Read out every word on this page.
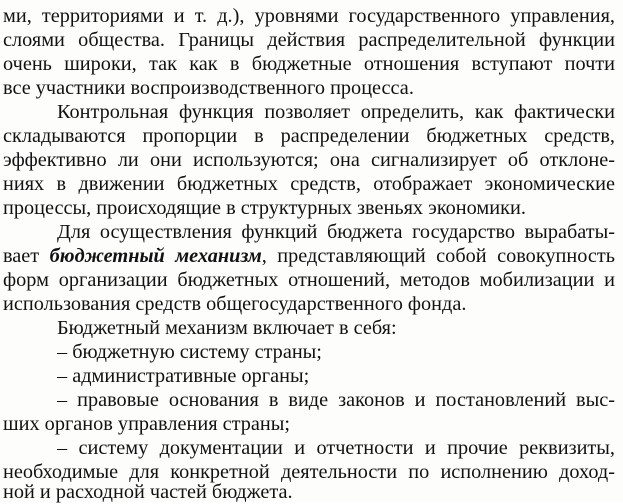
ми, территориями и т. д.), уровнями государственного управления,
слоями общества. Границы действия распределительной функции
очень широки, так как в бюджетные отношения вступают почти
все участники воспроизводственного процесса.
Контрольная функция позволяет определить, как фактически
складываются пропорции в распределении бюджетных средств,
эффективно ли они используются; она сигнализирует об отклоне-
ниях в движении бюджетных средств, отображает экономические
процессы, происходящие в структурных звеньях экономики.
Для осуществления функций бюджета государство вырабаты-
вает бюджетный механизм, представляющий собой совокупность
форм организации бюджетных отношений, методов мобилизации и
использования средств общегосударственного фонда.
Бюджетный механизм включает в себя:
– бюджетную систему страны;
– административные органы;
– правовые основания в виде законов и постановлений выс-
ших органов управления страны;
– систему документации и отчетности и прочие реквизиты,
необходимые для конкретной деятельности по исполнению доход-
ной и расходной частей бюджета.
